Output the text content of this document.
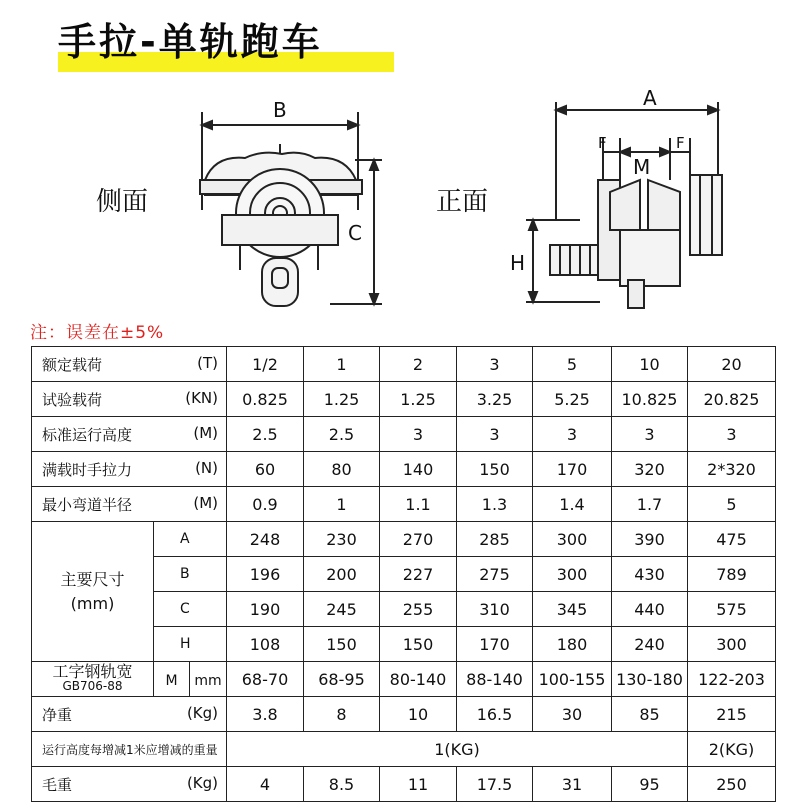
手拉-单轨跑车
侧面	正面
B
C
A
M
F	F
H
注：误差在±5%
额定载荷 (T)			1/2	1	2	3	5	10	20
试验载荷 (KN)			0.825	1.25	1.25	3.25	5.25	10.825	20.825
标准运行高度 (M)			2.5	2.5	3	3	3	3	3
满载时手拉力 (N)			60	80	140	150	170	320	2*320
最小弯道半径 (M)			0.9	1	1.1	1.3	1.4	1.7	5

主要尺寸
(mm)	A		248	230	270	285	300	390	475
	B		196	200	227	275	300	430	789
	C		190	245	255	310	345	440	575
	H		108	150	150	170	180	240	300
工字钢轨宽
GB706-88	M	mm	68-70	68-95	80-140	88-140	100-155	130-180	122-203
净重 (Kg)			3.8	8	10	16.5	30	85	215
运行高度每增减1米应增减的重量			1(KG)						2(KG)
毛重 (Kg)			4	8.5	11	17.5	31	95	250
